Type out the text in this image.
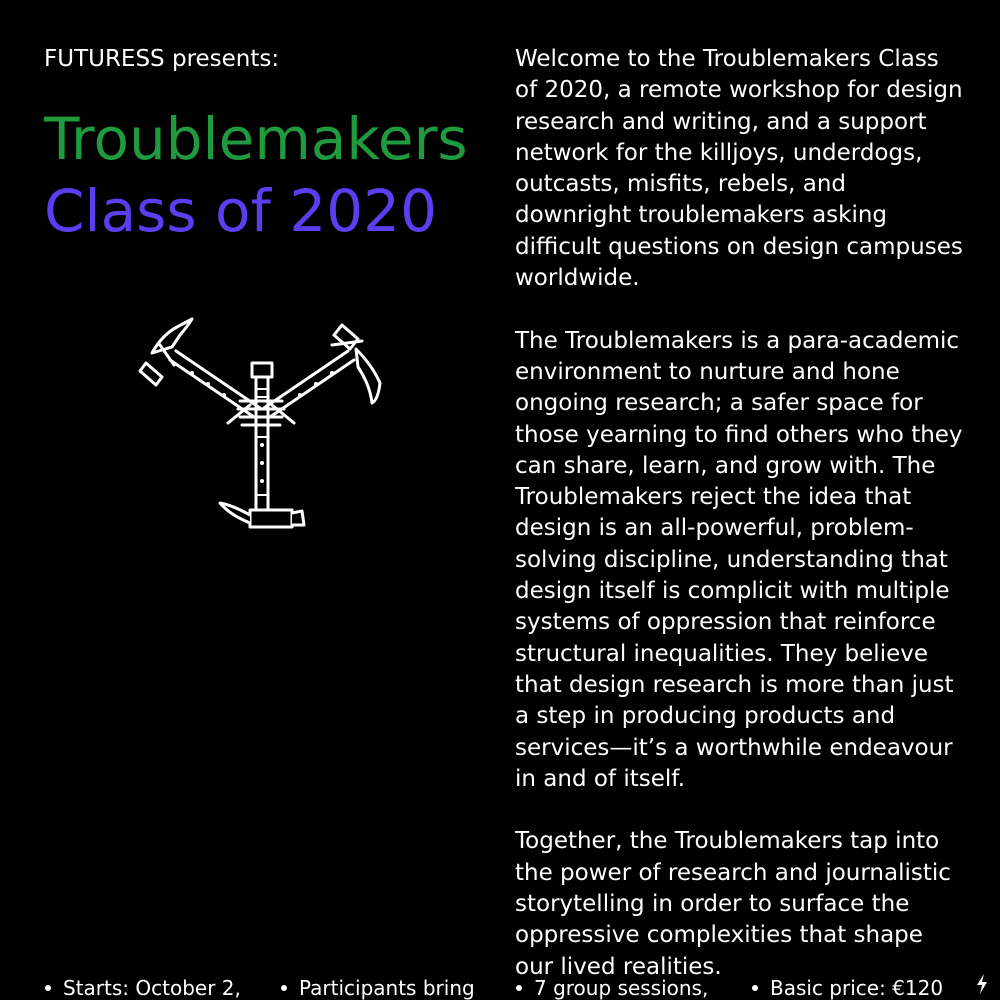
FUTURESS presents:
Troublemakers
Class of 2020

Welcome to the Troublemakers Class of 2020, a remote workshop for design research and writing, and a support network for the killjoys, underdogs, outcasts, misfits, rebels, and downright troublemakers asking difficult questions on design campuses worldwide.

The Troublemakers is a para-academic environment to nurture and hone ongoing research; a safer space for those yearning to find others who they can share, learn, and grow with. The Troublemakers reject the idea that design is an all-powerful, problem-solving discipline, understanding that design itself is complicit with multiple systems of oppression that reinforce structural inequalities. They believe that design research is more than just a step in producing products and services—it’s a worthwhile endeavour in and of itself.

Together, the Troublemakers tap into the power of research and journalistic storytelling in order to surface the oppressive complexities that shape our lived realities.

Starts: October 2,	Participants bring	7 group sessions,	Basic price: €120
